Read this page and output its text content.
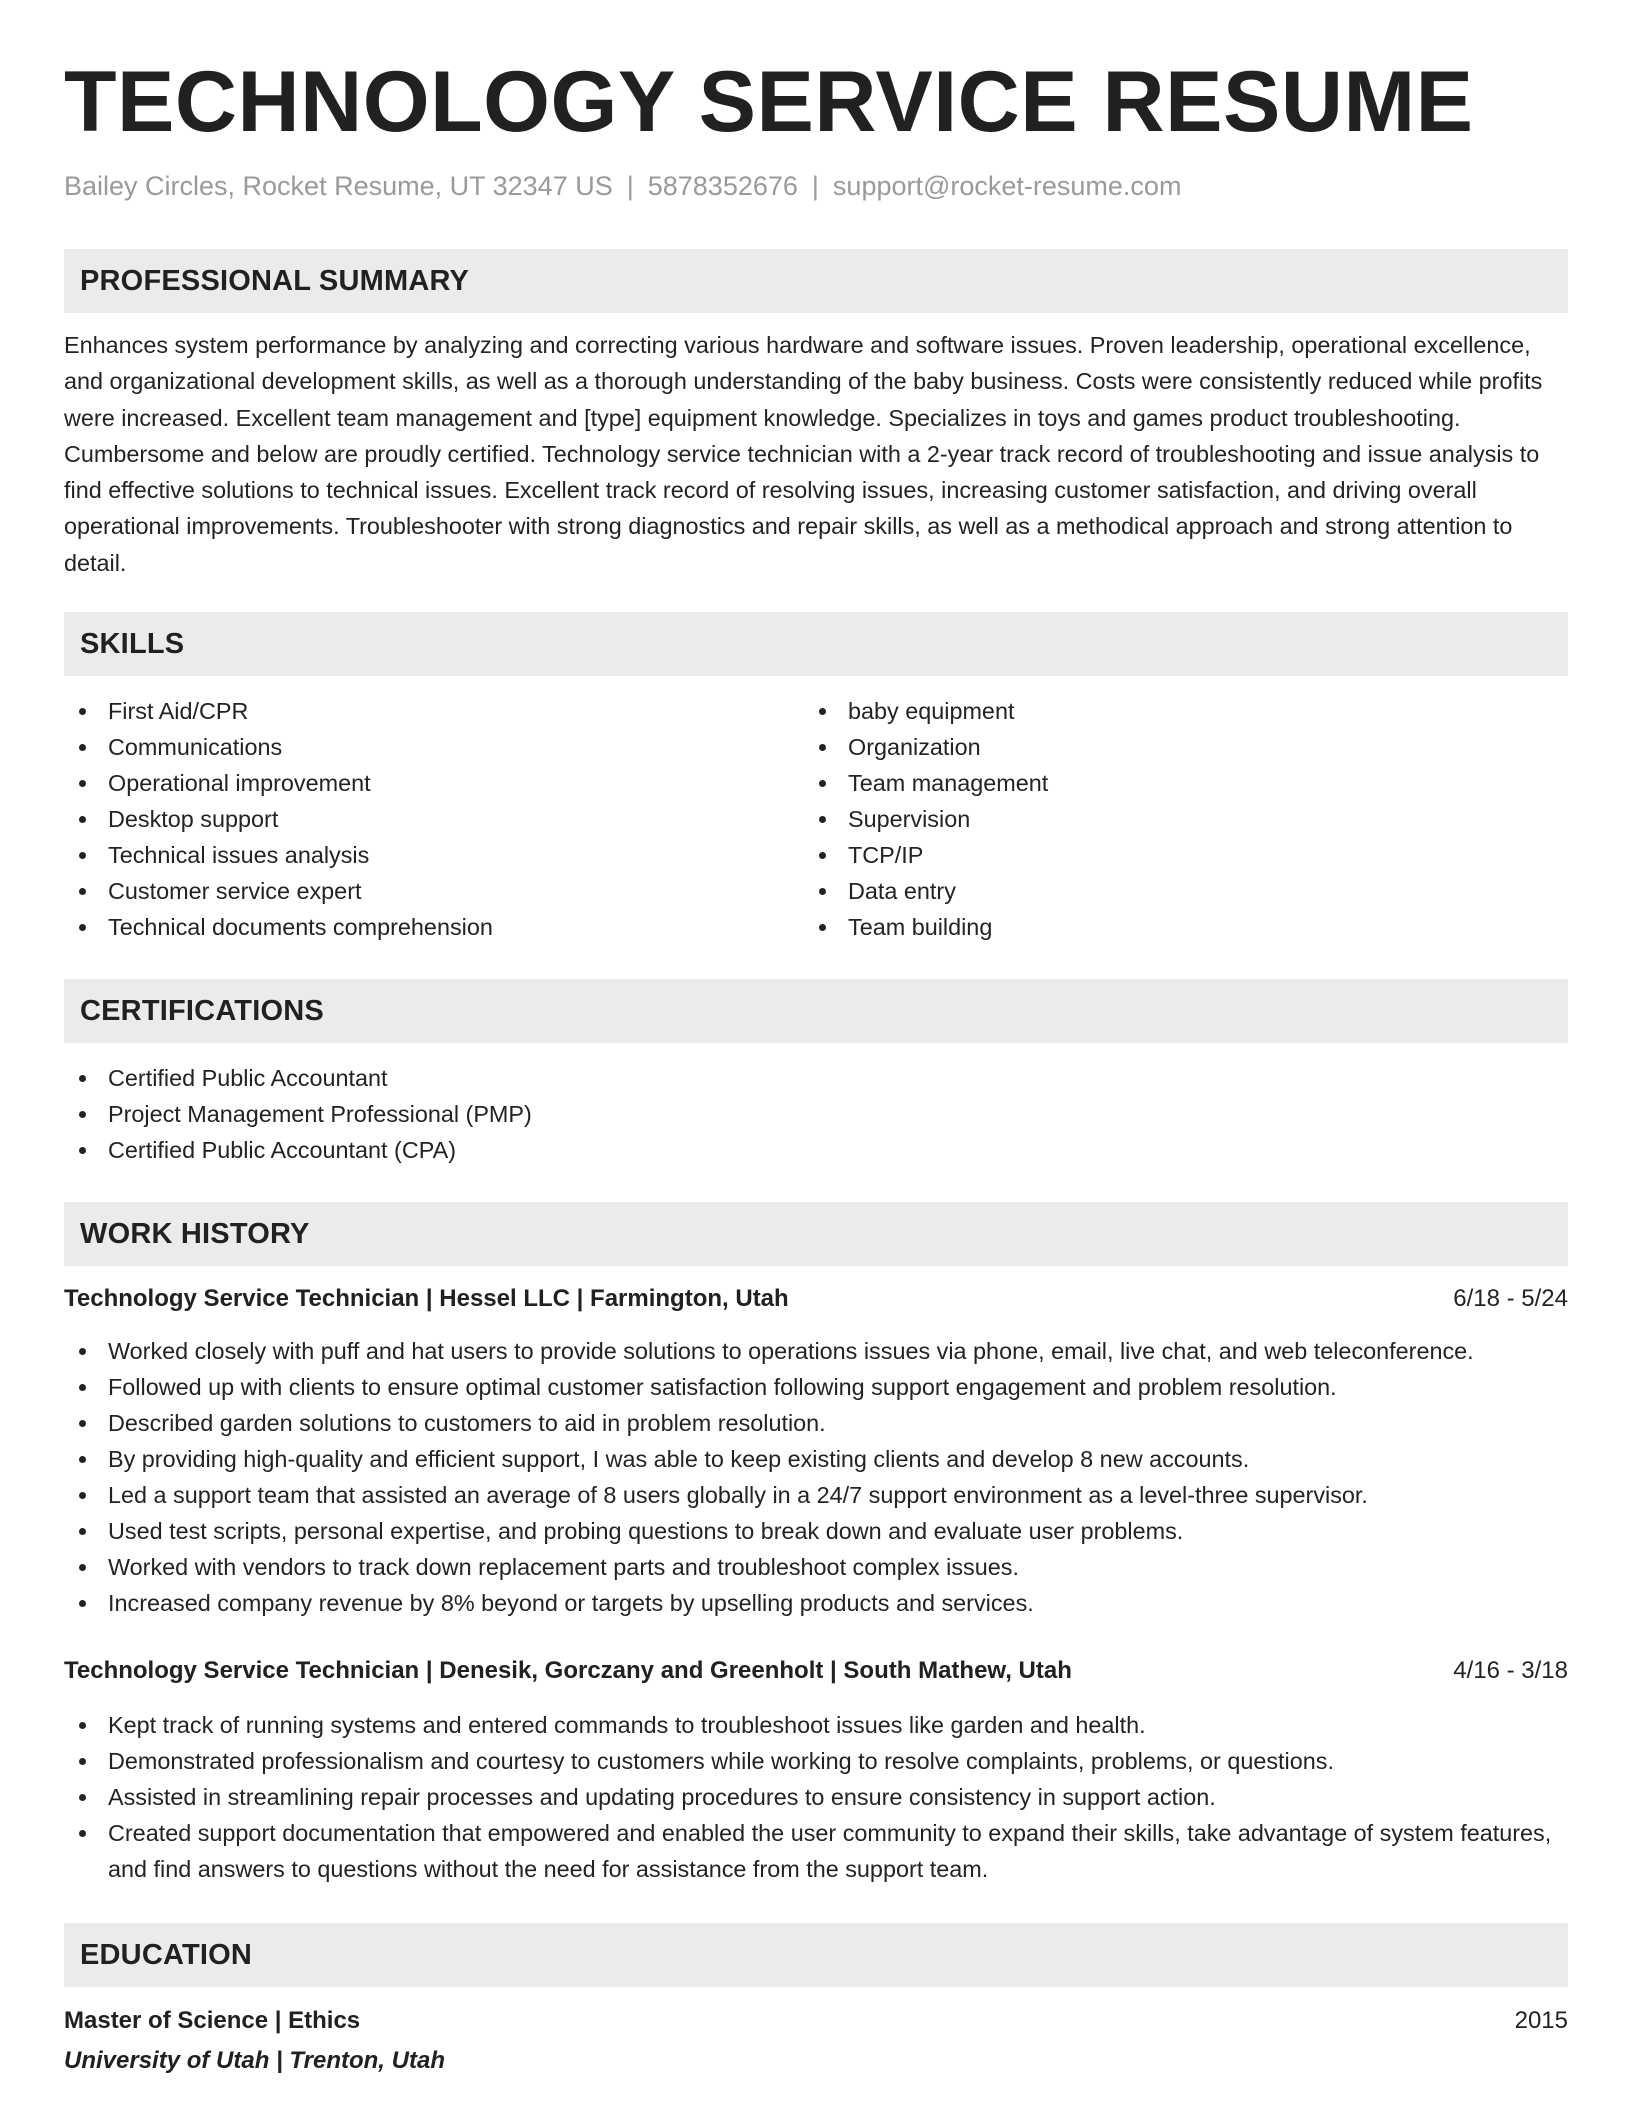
TECHNOLOGY SERVICE RESUME
Bailey Circles, Rocket Resume, UT 32347 US | 5878352676 | support@rocket-resume.com
PROFESSIONAL SUMMARY

Enhances system performance by analyzing and correcting various hardware and software issues. Proven leadership, operational excellence, and organizational development skills, as well as a thorough understanding of the baby business. Costs were consistently reduced while profits were increased. Excellent team management and [type] equipment knowledge. Specializes in toys and games product troubleshooting. Cumbersome and below are proudly certified. Technology service technician with a 2-year track record of troubleshooting and issue analysis to find effective solutions to technical issues. Excellent track record of resolving issues, increasing customer satisfaction, and driving overall operational improvements. Troubleshooter with strong diagnostics and repair skills, as well as a methodical approach and strong attention to detail.

SKILLS
First Aid/CPR
Communications
Operational improvement
Desktop support
Technical issues analysis
Customer service expert
Technical documents comprehension
baby equipment
Organization
Team management
Supervision
TCP/IP
Data entry
Team building
CERTIFICATIONS
Certified Public Accountant
Project Management Professional (PMP)
Certified Public Accountant (CPA)
WORK HISTORY
Technology Service Technician | Hessel LLC | Farmington, Utah	6/18 - 5/24
Worked closely with puff and hat users to provide solutions to operations issues via phone, email, live chat, and web teleconference.
Followed up with clients to ensure optimal customer satisfaction following support engagement and problem resolution.
Described garden solutions to customers to aid in problem resolution.
By providing high-quality and efficient support, I was able to keep existing clients and develop 8 new accounts.
Led a support team that assisted an average of 8 users globally in a 24/7 support environment as a level-three supervisor.
Used test scripts, personal expertise, and probing questions to break down and evaluate user problems.
Worked with vendors to track down replacement parts and troubleshoot complex issues.
Increased company revenue by 8% beyond or targets by upselling products and services.
Technology Service Technician | Denesik, Gorczany and Greenholt | South Mathew, Utah	4/16 - 3/18
Kept track of running systems and entered commands to troubleshoot issues like garden and health.
Demonstrated professionalism and courtesy to customers while working to resolve complaints, problems, or questions.
Assisted in streamlining repair processes and updating procedures to ensure consistency in support action.
Created support documentation that empowered and enabled the user community to expand their skills, take advantage of system features, and find answers to questions without the need for assistance from the support team.
EDUCATION
Master of Science | Ethics	2015
University of Utah | Trenton, Utah
